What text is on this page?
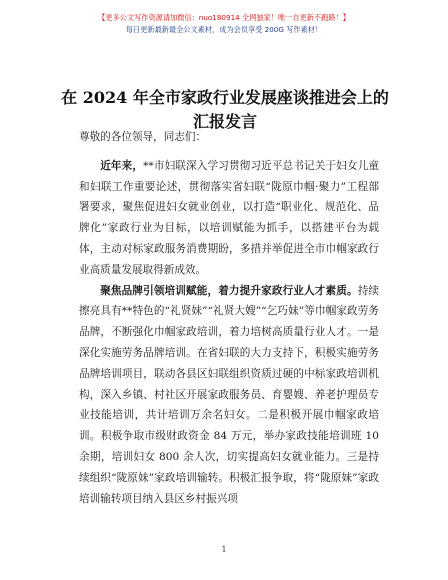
【更多公文写作资源请加微信：nuo180914 全网独家！唯一自更新不跑路！】
每日更新最新最全公文素材，成为会员享受 200G 写作素材！
在 2024 年全市家政行业发展座谈推进会上的汇报发言

尊敬的各位领导，同志们：

近年来，**市妇联深入学习贯彻习近平总书记关于妇女儿童和妇联工作重要论述，贯彻落实省妇联“陇原巾帼·聚力”工程部署要求，聚焦促进妇女就业创业，以打造“职业化、规范化、品牌化”家政行业为目标，以培训赋能为抓手，以搭建平台为载体，主动对标家政服务消费期盼，多措并举促进全市巾帼家政行业高质量发展取得新成效。

聚焦品牌引领培训赋能，着力提升家政行业人才素质。持续擦亮具有**特色的“礼贤妹”“礼贤大嫂”“乞巧妹”等巾帼家政劳务品牌，不断强化巾帼家政培训，着力培树高质量行业人才。一是深化实施劳务品牌培训。在省妇联的大力支持下，积极实施劳务品牌培训项目，联动各县区妇联组织资质过硬的中标家政培训机构，深入乡镇、村社区开展家政服务员、育婴嫂、养老护理员专业技能培训，共计培训万余名妇女。二是积极开展巾帼家政培训。积极争取市级财政资金 84 万元，举办家政技能培训班 10 余期，培训妇女 800 余人次，切实提高妇女就业能力。三是持续组织“陇原妹”家政培训输转。积极汇报争取，将“陇原妹”家政培训输转项目纳入县区乡村振兴项

1
